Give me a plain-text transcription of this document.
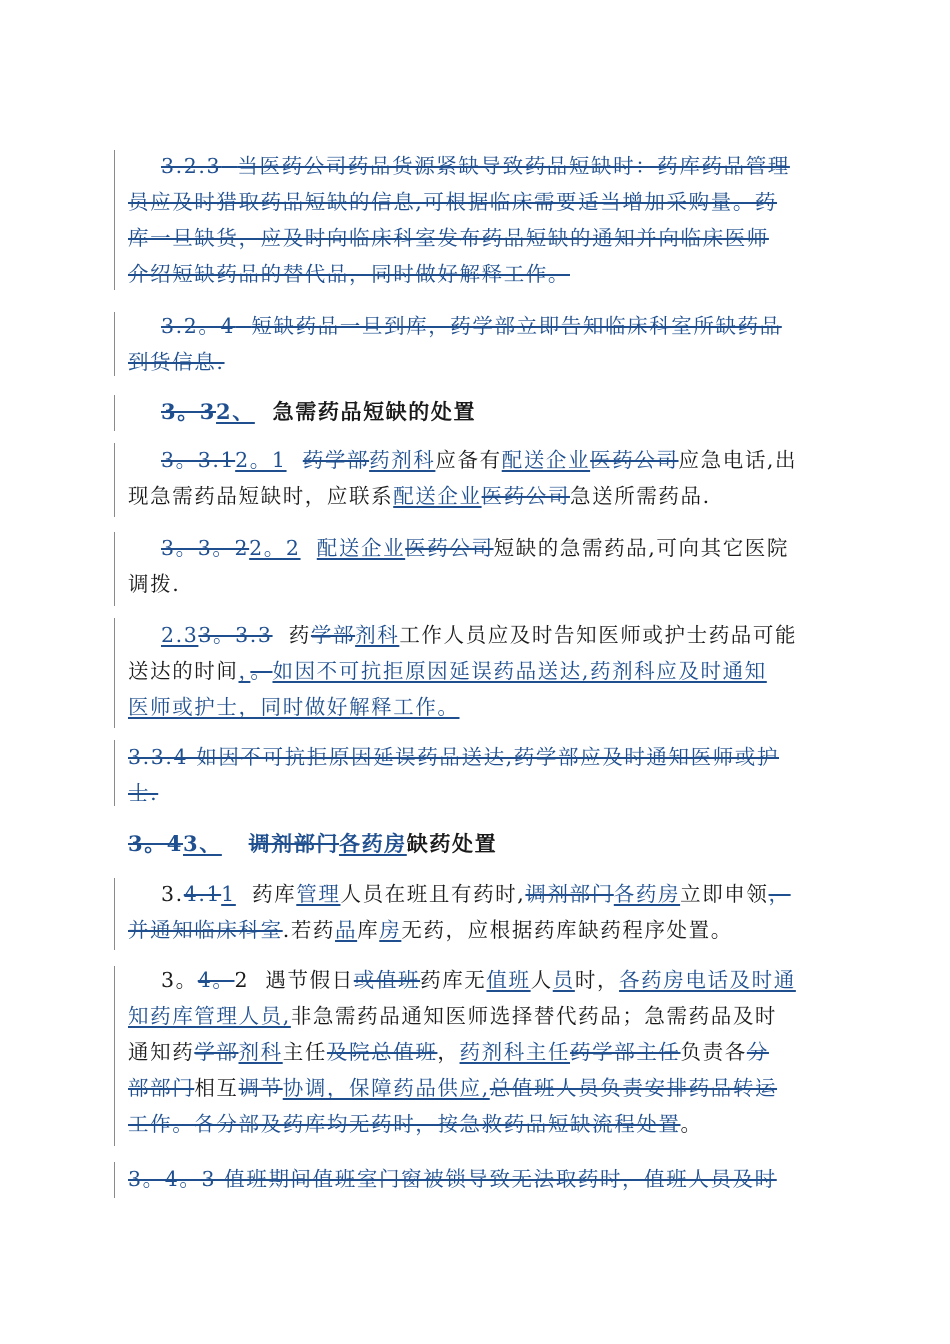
3.2.3 当医药公司药品货源紧缺导致药品短缺时：药库药品管理
员应及时猎取药品短缺的信息,可根据临床需要适当增加采购量。药
库一旦缺货，应及时向临床科室发布药品短缺的通知并向临床医师
介绍短缺药品的替代品，同时做好解释工作。
3.2。4 短缺药品一旦到库，药学部立即告知临床科室所缺药品
到货信息.
3。32、 急需药品短缺的处置
3。3.12。1 药学部药剂科应备有配送企业医药公司应急电话,出
现急需药品短缺时，应联系配送企业医药公司急送所需药品.
3。3。22。2 配送企业医药公司短缺的急需药品,可向其它医院
调拨.
2.33。3.3 药学部剂科工作人员应及时告知医师或护士药品可能
送达的时间，。如因不可抗拒原因延误药品送达,药剂科应及时通知
医师或护士，同时做好解释工作。
3.3.4 如因不可抗拒原因延误药品送达,药学部应及时通知医师或护
士.
3。43、 调剂部门各药房缺药处置
3.4.11 药库管理人员在班且有药时,调剂部门各药房立即申领，
并通知临床科室.若药品库房无药，应根据药库缺药程序处置。
3。4。2 遇节假日或值班药库无值班人员时，各药房电话及时通
知药库管理人员,非急需药品通知医师选择替代药品；急需药品及时
通知药学部剂科主任及院总值班，药剂科主任药学部主任负责各分
部部门相互调节协调，保障药品供应,总值班人员负责安排药品转运
工作。各分部及药库均无药时，按急救药品短缺流程处置。
3。4。3 值班期间值班室门窗被锁导致无法取药时，值班人员及时
